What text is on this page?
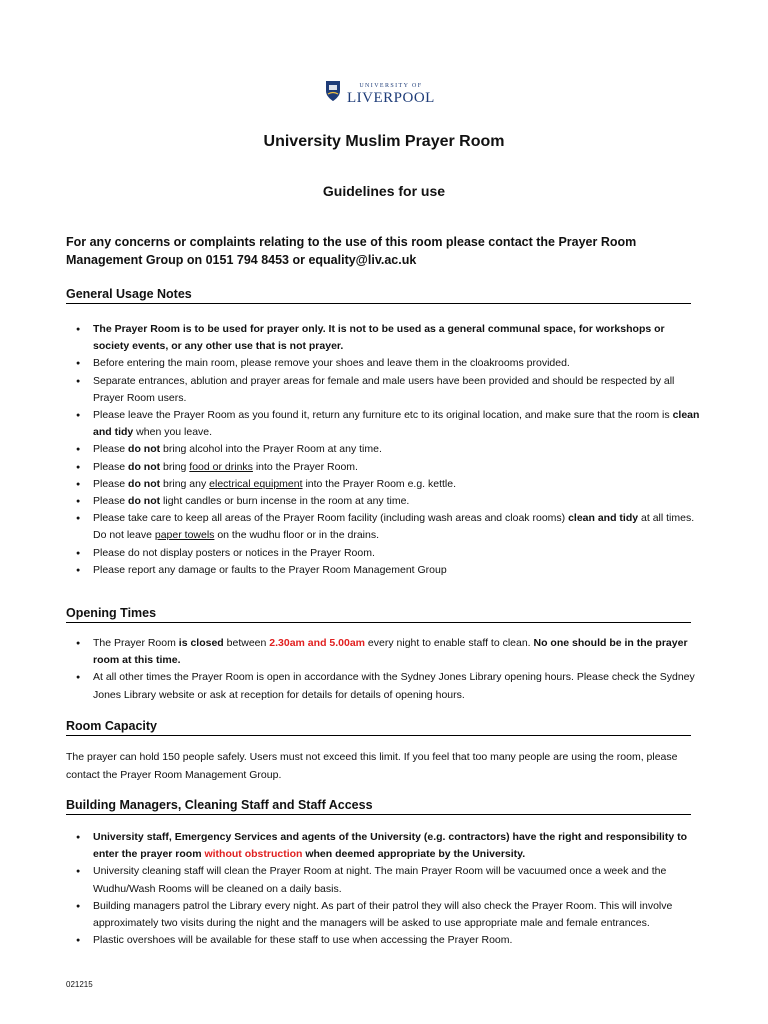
UNIVERSITY OF
LIVERPOOL
University Muslim Prayer Room
Guidelines for use
For any concerns or complaints relating to the use of this room please contact the Prayer Room Management Group on 0151 794 8453 or equality@liv.ac.uk
General Usage Notes
● The Prayer Room is to be used for prayer only. It is not to be used as a general communal space, for workshops or society events, or any other use that is not prayer.
● Before entering the main room, please remove your shoes and leave them in the cloakrooms provided.
● Separate entrances, ablution and prayer areas for female and male users have been provided and should be respected by all Prayer Room users.
● Please leave the Prayer Room as you found it, return any furniture etc to its original location, and make sure that the room is clean and tidy when you leave.
● Please do not bring alcohol into the Prayer Room at any time.
● Please do not bring food or drinks into the Prayer Room.
● Please do not bring any electrical equipment into the Prayer Room e.g. kettle.
● Please do not light candles or burn incense in the room at any time.
● Please take care to keep all areas of the Prayer Room facility (including wash areas and cloak rooms) clean and tidy at all times. Do not leave paper towels on the wudhu floor or in the drains.
● Please do not display posters or notices in the Prayer Room.
● Please report any damage or faults to the Prayer Room Management Group
Opening Times
● The Prayer Room is closed between 2.30am and 5.00am every night to enable staff to clean. No one should be in the prayer room at this time.
● At all other times the Prayer Room is open in accordance with the Sydney Jones Library opening hours. Please check the Sydney Jones Library website or ask at reception for details for details of opening hours.
Room Capacity
The prayer can hold 150 people safely. Users must not exceed this limit. If you feel that too many people are using the room, please contact the Prayer Room Management Group.
Building Managers, Cleaning Staff and Staff Access
● University staff, Emergency Services and agents of the University (e.g. contractors) have the right and responsibility to enter the prayer room without obstruction when deemed appropriate by the University.
● University cleaning staff will clean the Prayer Room at night. The main Prayer Room will be vacuumed once a week and the Wudhu/Wash Rooms will be cleaned on a daily basis.
● Building managers patrol the Library every night. As part of their patrol they will also check the Prayer Room. This will involve approximately two visits during the night and the managers will be asked to use appropriate male and female entrances.
● Plastic overshoes will be available for these staff to use when accessing the Prayer Room.
021215
